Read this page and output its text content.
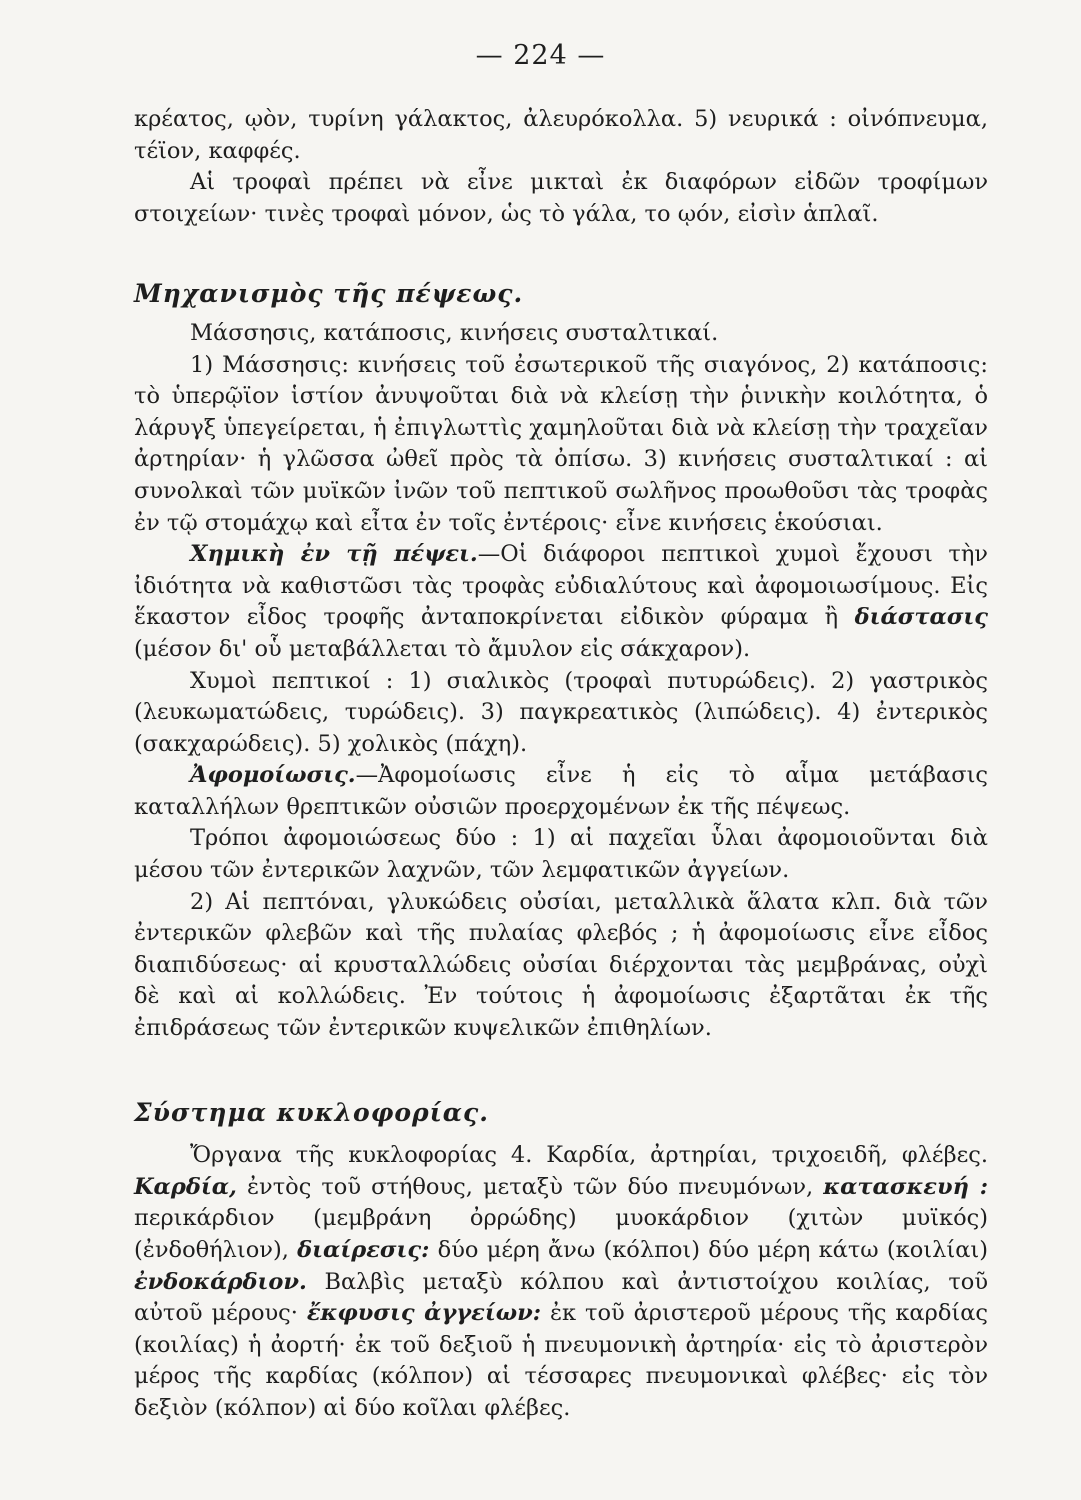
— 224 —

κρέατος, ῳὸν, τυρίνη γάλακτος, ἀλευρόκολλα. 5) νευρικά : οἰνόπνευμα, τέϊον, καφφές.

Αἱ τροφαὶ πρέπει νὰ εἶνε μικταὶ ἐκ διαφόρων εἰδῶν τροφίμων στοιχείων· τινὲς τροφαὶ μόνον, ὡς τὸ γάλα, το ῳόν, εἰσὶν ἁπλαῖ.

Μηχανισμὸς τῆς πέψεως.

Μάσσησις, κατάποσις, κινήσεις συσταλτικαί.

1) Μάσσησις: κινήσεις τοῦ ἐσωτερικοῦ τῆς σιαγόνος, 2) κατάποσις: τὸ ὑπερῷϊον ἱστίον ἀνυψοῦται διὰ νὰ κλείσῃ τὴν ῥινικὴν κοιλότητα, ὁ λάρυγξ ὑπεγείρεται, ἡ ἐπιγλωττὶς χαμηλοῦται διὰ νὰ κλείσῃ τὴν τραχεῖαν ἀρτηρίαν· ἡ γλῶσσα ὠθεῖ πρὸς τὰ ὀπίσω. 3) κινήσεις συσταλτικαί : αἱ συνολκαὶ τῶν μυϊκῶν ἰνῶν τοῦ πεπτικοῦ σωλῆνος προωθοῦσι τὰς τροφὰς ἐν τῷ στομάχῳ καὶ εἶτα ἐν τοῖς ἐντέροις· εἶνε κινήσεις ἑκούσιαι.

Χημικὴ ἐν τῇ πέψει.—Οἱ διάφοροι πεπτικοὶ χυμοὶ ἔχουσι τὴν ἰδιότητα νὰ καθιστῶσι τὰς τροφὰς εὐδιαλύτους καὶ ἀφομοιωσίμους. Εἰς ἕκαστον εἶδος τροφῆς ἀνταποκρίνεται εἰδικὸν φύραμα ἢ διάστασις (μέσον δι' οὗ μεταβάλλεται τὸ ἄμυλον εἰς σάκχαρον).

Χυμοὶ πεπτικοί : 1) σιαλικὸς (τροφαὶ πυτυρώδεις). 2) γαστρικὸς (λευκωματώδεις, τυρώδεις). 3) παγκρεατικὸς (λιπώδεις). 4) ἐντερικὸς (σακχαρώδεις). 5) χολικὸς (πάχη).

Ἀφομοίωσις.—Ἀφομοίωσις εἶνε ἡ εἰς τὸ αἷμα μετάβασις καταλλήλων θρεπτικῶν οὐσιῶν προερχομένων ἐκ τῆς πέψεως.

Τρόποι ἀφομοιώσεως δύο : 1) αἱ παχεῖαι ὗλαι ἀφομοιοῦνται διὰ μέσου τῶν ἐντερικῶν λαχνῶν, τῶν λεμφατικῶν ἀγγείων.

2) Αἱ πεπτόναι, γλυκώδεις οὐσίαι, μεταλλικὰ ἅλατα κλπ. διὰ τῶν ἐντερικῶν φλεβῶν καὶ τῆς πυλαίας φλεβός ; ἡ ἀφομοίωσις εἶνε εἶδος διαπιδύσεως· αἱ κρυσταλλώδεις οὐσίαι διέρχονται τὰς μεμβράνας, οὐχὶ δὲ καὶ αἱ κολλώδεις. Ἐν τούτοις ἡ ἀφομοίωσις ἐξαρτᾶται ἐκ τῆς ἐπιδράσεως τῶν ἐντερικῶν κυψελικῶν ἐπιθηλίων.

Σύστημα κυκλοφορίας.

Ὄργανα τῆς κυκλοφορίας 4. Καρδία, ἀρτηρίαι, τριχοειδῆ, φλέβες. Καρδία, ἐντὸς τοῦ στήθους, μεταξὺ τῶν δύο πνευμόνων, κατασκευή : περικάρδιον (μεμβράνη ὀρρώδης) μυοκάρδιον (χιτὼν μυϊκός) (ἐνδοθήλιον), διαίρεσις: δύο μέρη ἄνω (κόλποι) δύο μέρη κάτω (κοιλίαι) ἐνδοκάρδιον. Βαλβὶς μεταξὺ κόλπου καὶ ἀντιστοίχου κοιλίας, τοῦ αὐτοῦ μέρους· ἔκφυσις ἀγγείων: ἐκ τοῦ ἀριστεροῦ μέρους τῆς καρδίας (κοιλίας) ἡ ἀορτή· ἐκ τοῦ δεξιοῦ ἡ πνευμονικὴ ἀρτηρία· εἰς τὸ ἀριστερὸν μέρος τῆς καρδίας (κόλπον) αἱ τέσσαρες πνευμονικαὶ φλέβες· εἰς τὸν δεξιὸν (κόλπον) αἱ δύο κοῖλαι φλέβες.
